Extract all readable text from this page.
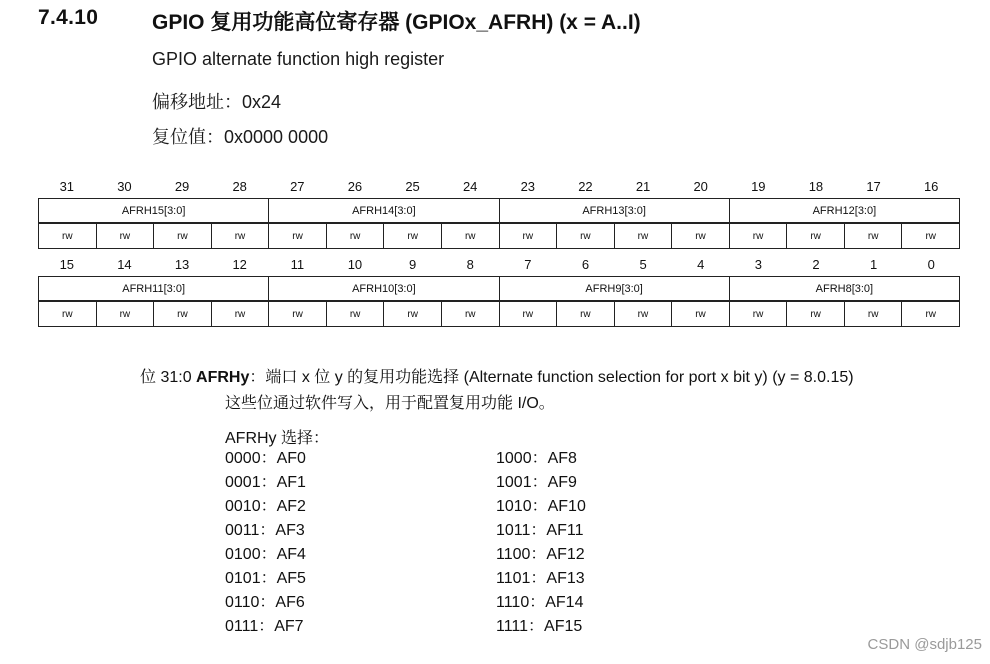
7.4.10	GPIO 复用功能高位寄存器 (GPIOx_AFRH) (x = A..I)
GPIO alternate function high register
偏移地址：0x24
复位值：0x0000 0000
31	30	29	28	27	26	25	24	23	22	21	20	19	18	17	16
AFRH15[3:0]				AFRH14[3:0]				AFRH13[3:0]				AFRH12[3:0]			

rw	rw	rw	rw	rw	rw	rw	rw	rw	rw	rw	rw	rw	rw	rw	rw
15	14	13	12	11	10	9	8	7	6	5	4	3	2	1	0
AFRH11[3:0]				AFRH10[3:0]				AFRH9[3:0]				AFRH8[3:0]			

rw	rw	rw	rw	rw	rw	rw	rw	rw	rw	rw	rw	rw	rw	rw	rw
位 31:0 AFRHy：端口 x 位 y 的复用功能选择 (Alternate function selection for port x bit y) (y = 8.0.15)
这些位通过软件写入，用于配置复用功能 I/O。
AFRHy 选择：
0000：AF0
0001：AF1
0010：AF2
0011：AF3
0100：AF4
0101：AF5
0110：AF6
0111：AF7
1000：AF8
1001：AF9
1010：AF10
1011：AF11
1100：AF12
1101：AF13
1110：AF14
1111：AF15
CSDN @sdjb125
